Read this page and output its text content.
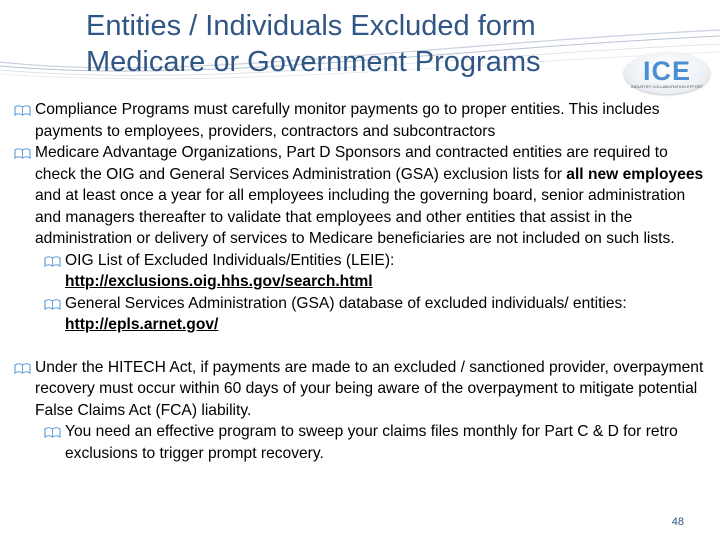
Entities / Individuals Excluded form
Medicare or Government Programs	ICE
INDUSTRY COLLABORATION EFFORT
Compliance Programs must carefully monitor payments go to proper entities. This includes payments to employees, providers, contractors and subcontractors
Medicare Advantage Organizations, Part D Sponsors and contracted entities are required to check the OIG and General Services Administration (GSA) exclusion lists for all new employees and at least once a year for all employees including the governing board, senior administration and managers thereafter to validate that employees and other entities that assist in the administration or delivery of services to Medicare beneficiaries are not included on such lists.
OIG List of Excluded Individuals/Entities (LEIE):
http://exclusions.oig.hhs.gov/search.html
General Services Administration (GSA) database of excluded individuals/ entities:http://epls.arnet.gov/
Under the HITECH Act, if payments are made to an excluded / sanctioned provider, overpayment recovery must occur within 60 days of your being aware of the overpayment to mitigate potential False Claims Act (FCA) liability.
You need an effective program to sweep your claims files monthly for Part C & D for retro exclusions to trigger prompt recovery.
48
